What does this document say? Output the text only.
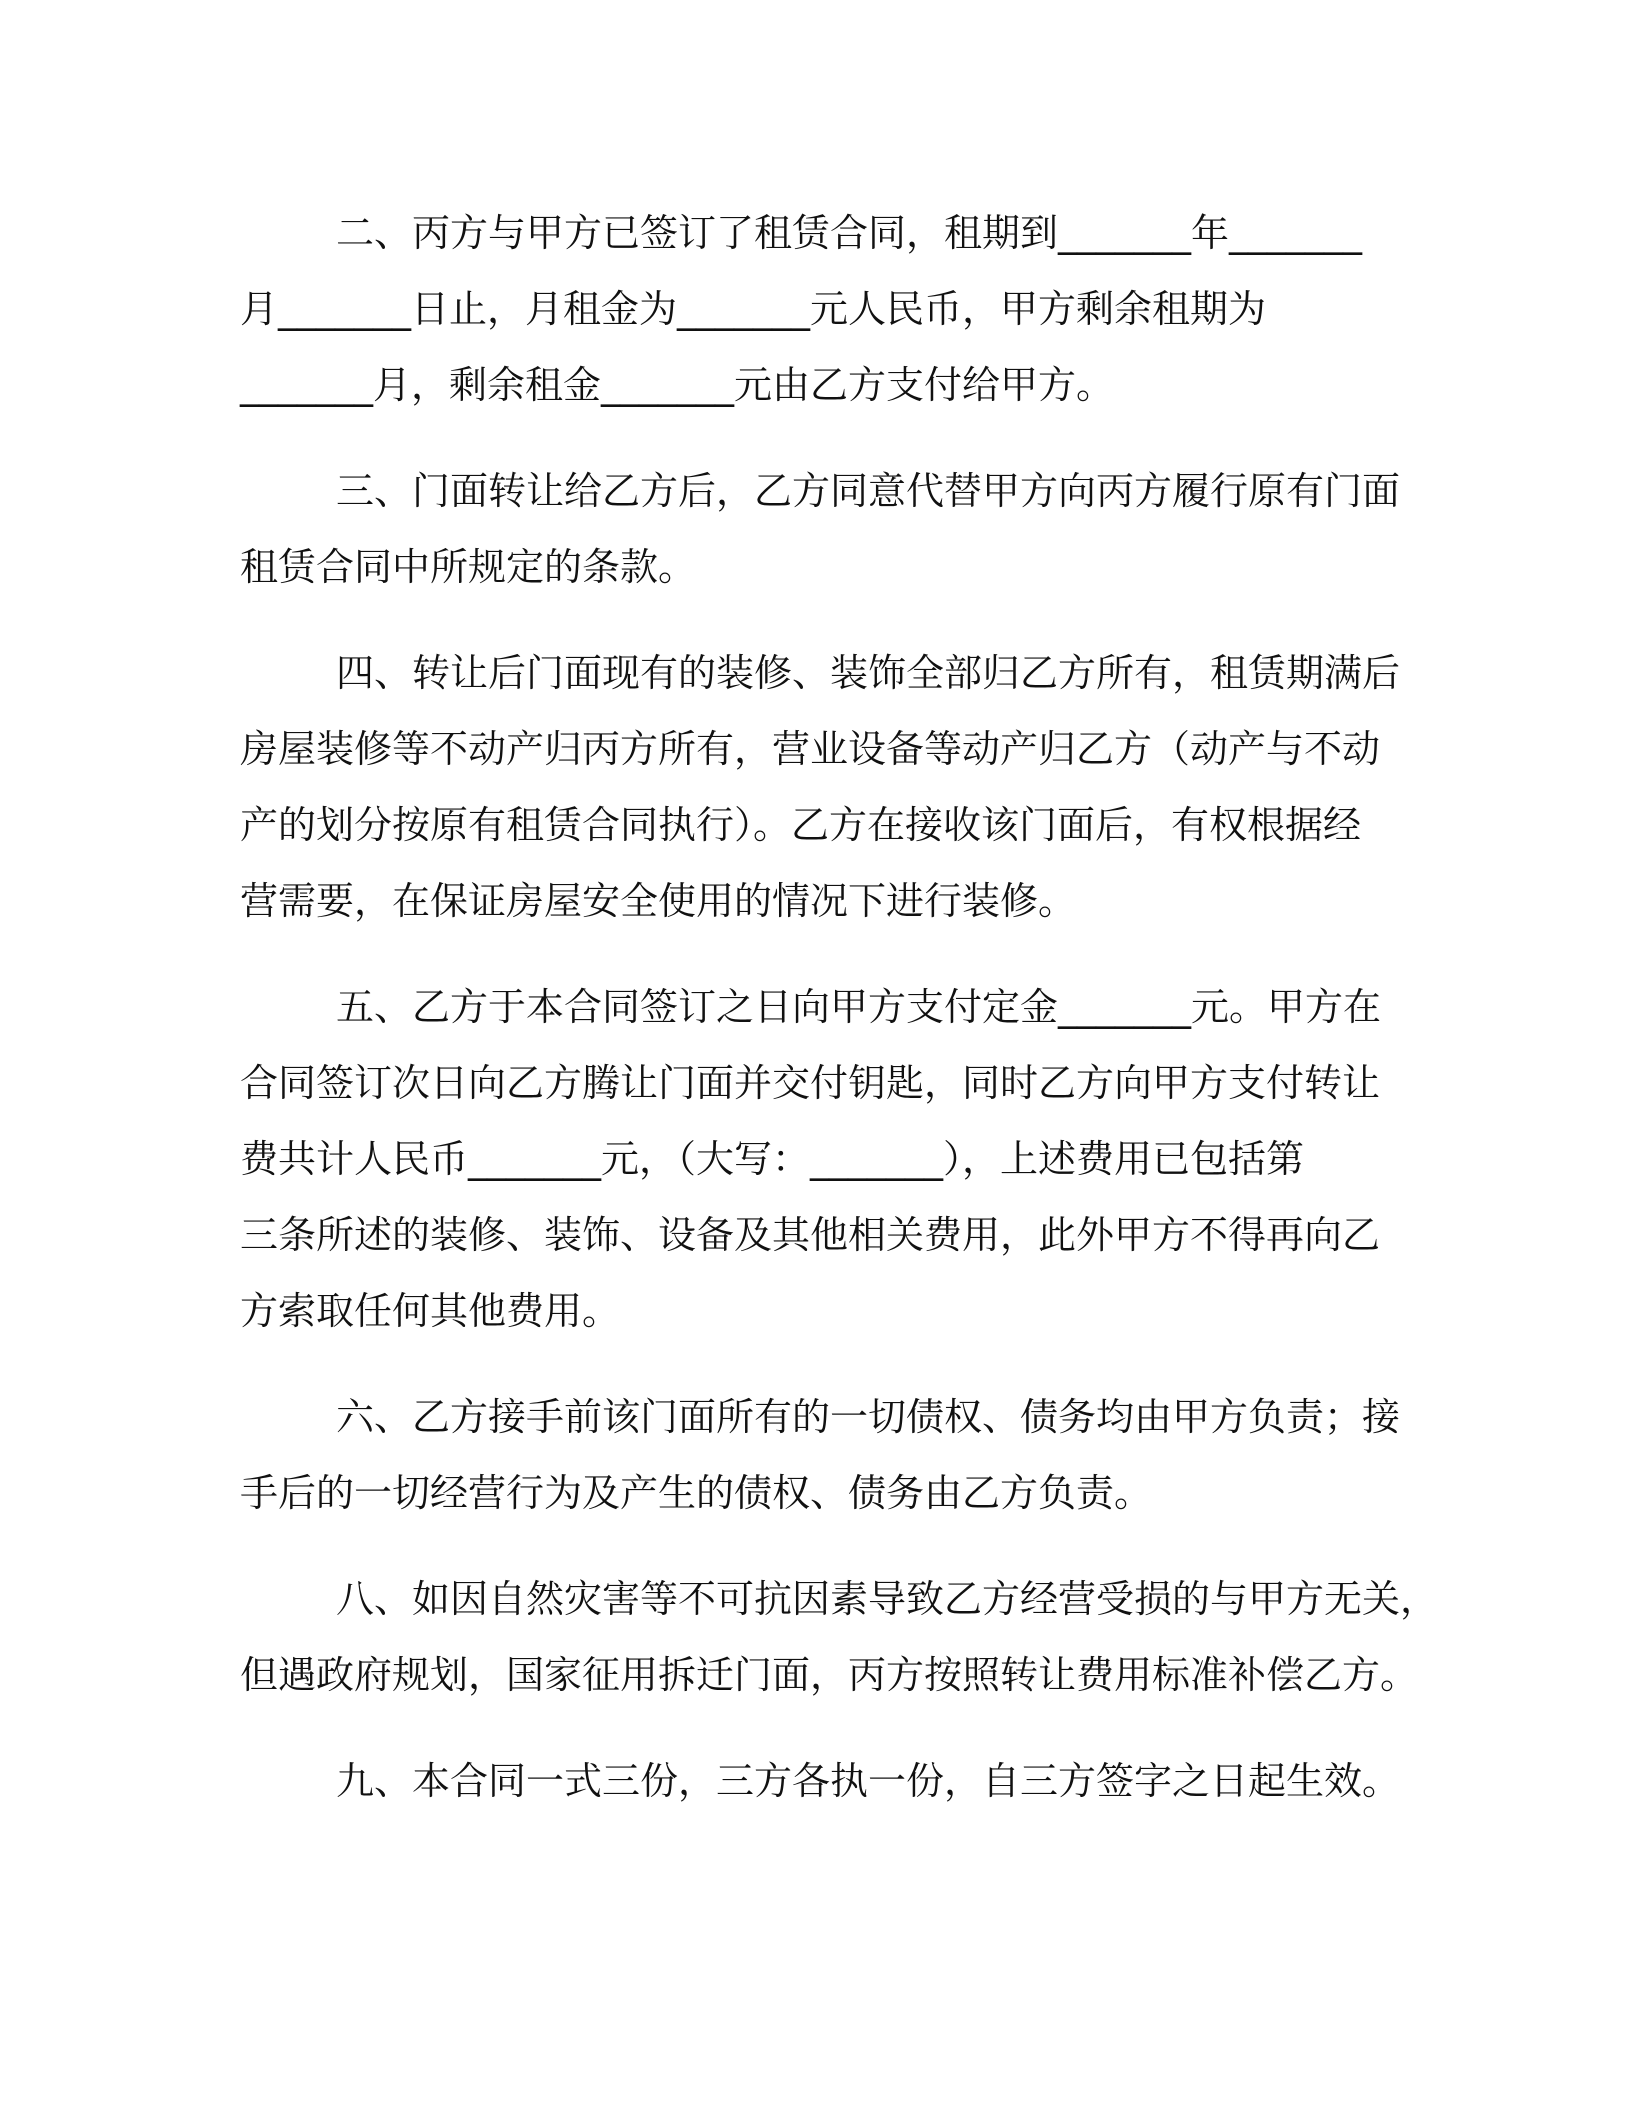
二、丙方与甲方已签订了租赁合同，租期到_______年_______
月_______日止，月租金为_______元人民币，甲方剩余租期为
_______月，剩余租金_______元由乙方支付给甲方。
三、门面转让给乙方后，乙方同意代替甲方向丙方履行原有门面
租赁合同中所规定的条款。
四、转让后门面现有的装修、装饰全部归乙方所有，租赁期满后
房屋装修等不动产归丙方所有，营业设备等动产归乙方（动产与不动
产的划分按原有租赁合同执行）。乙方在接收该门面后，有权根据经
营需要，在保证房屋安全使用的情况下进行装修。
五、乙方于本合同签订之日向甲方支付定金_______元。甲方在
合同签订次日向乙方腾让门面并交付钥匙，同时乙方向甲方支付转让
费共计人民币_______元，（大写：_______），上述费用已包括第
三条所述的装修、装饰、设备及其他相关费用，此外甲方不得再向乙
方索取任何其他费用。
六、乙方接手前该门面所有的一切债权、债务均由甲方负责；接
手后的一切经营行为及产生的债权、债务由乙方负责。
八、如因自然灾害等不可抗因素导致乙方经营受损的与甲方无关，
但遇政府规划，国家征用拆迁门面，丙方按照转让费用标准补偿乙方。
九、本合同一式三份，三方各执一份，自三方签字之日起生效。
